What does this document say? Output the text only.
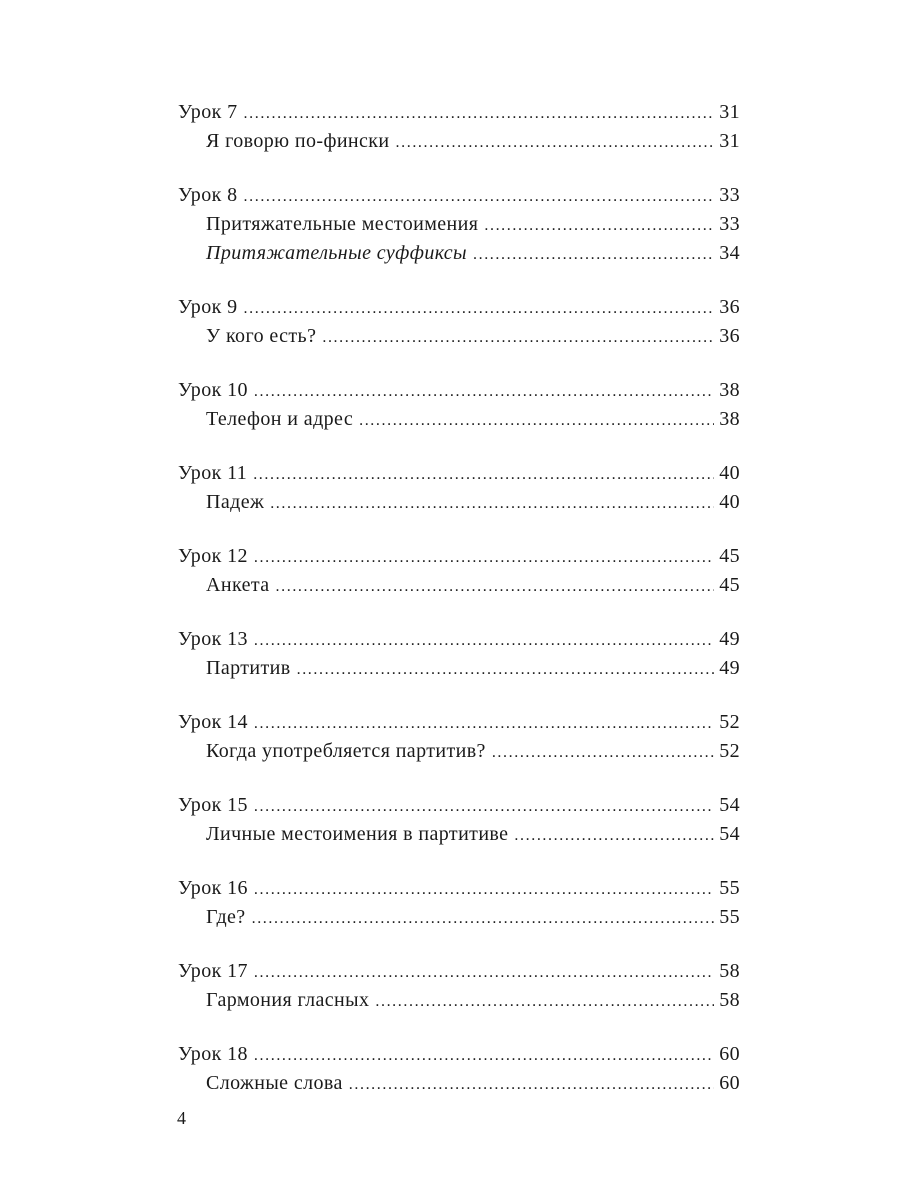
Урок 7 .....	31
Я говорю по-фински .....	31
Урок 8 .....	33
Притяжательные местоимения .....	33
Притяжательные суффиксы .....	34
Урок 9 .....	36
У кого есть? .....	36
Урок 10 .....	38
Телефон и адрес .....	38
Урок 11 .....	40
Падеж .....	40
Урок 12 .....	45
Анкета .....	45
Урок 13 .....	49
Партитив .....	49
Урок 14 .....	52
Когда употребляется партитив? .....	52
Урок 15 .....	54
Личные местоимения в партитиве .....	54
Урок 16 .....	55
Где? .....	55
Урок 17 .....	58
Гармония гласных .....	58
Урок 18 .....	60
Сложные слова .....	60
4
